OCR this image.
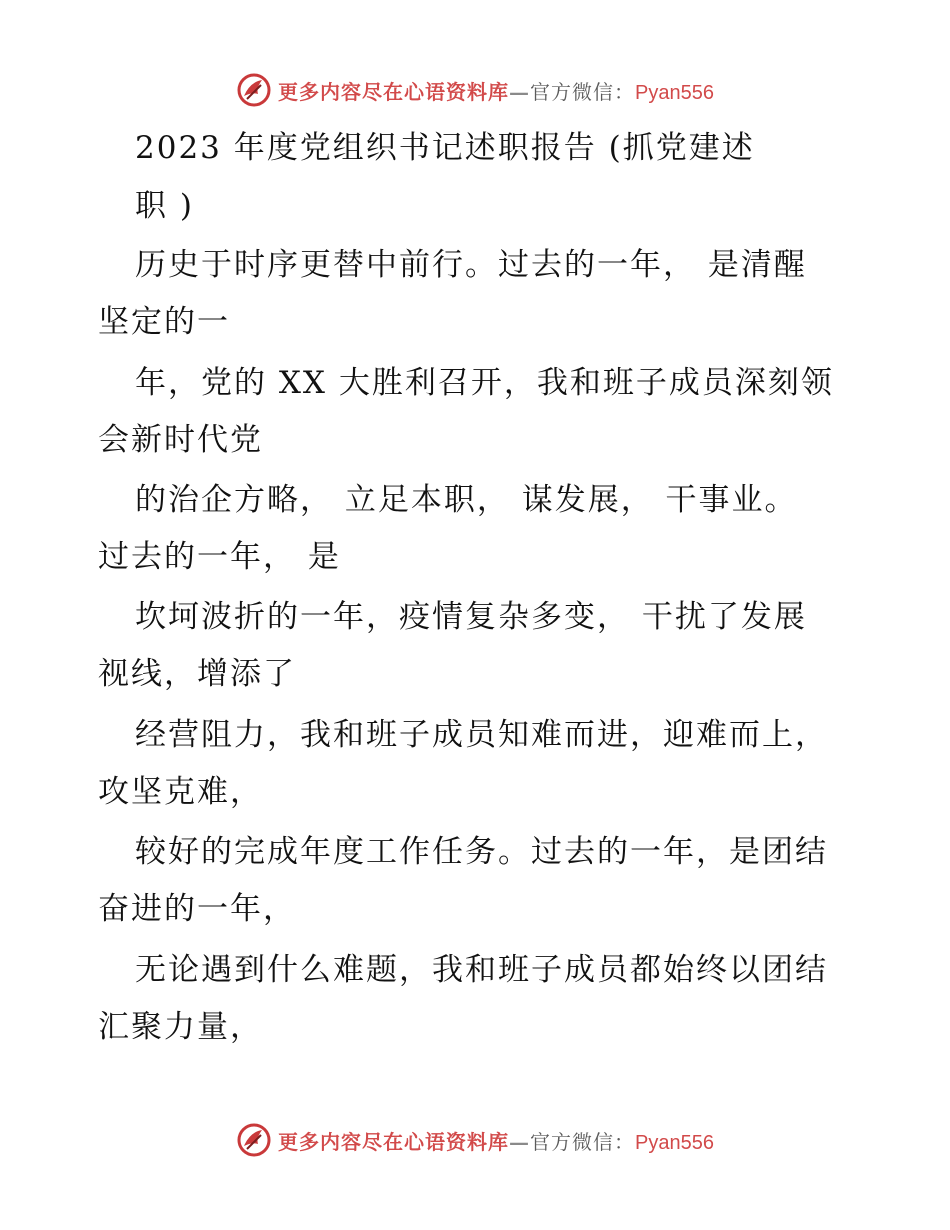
更多内容尽在心语资料库—官方微信：Pyan556
2023 年度党组织书记述职报告 (抓党建述
职 )
历史于时序更替中前行。过去的一年， 是清醒
坚定的一
年，党的 XX 大胜利召开，我和班子成员深刻领
会新时代党
的治企方略， 立足本职， 谋发展， 干事业。
过去的一年， 是
坎坷波折的一年，疫情复杂多变， 干扰了发展
视线，增添了
经营阻力，我和班子成员知难而进，迎难而上，
攻坚克难，
较好的完成年度工作任务。过去的一年，是团结
奋进的一年，
无论遇到什么难题，我和班子成员都始终以团结
汇聚力量，
更多内容尽在心语资料库—官方微信：Pyan556
